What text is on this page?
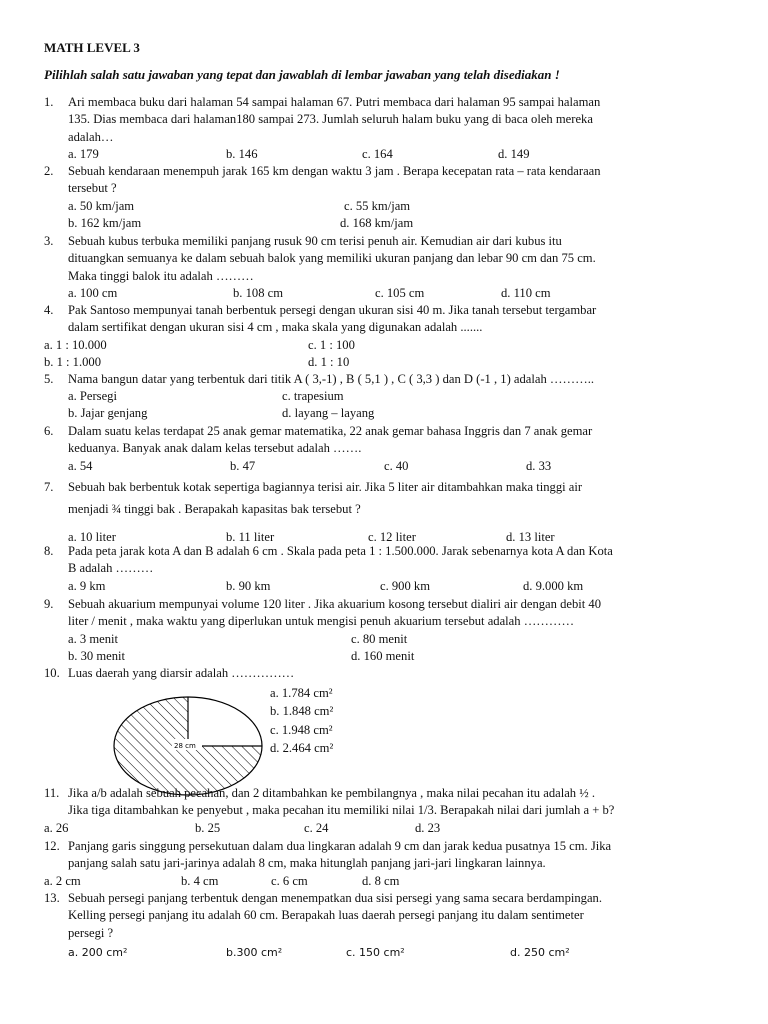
MATH LEVEL 3
Pilihlah salah satu jawaban yang tepat dan jawablah di lembar jawaban yang telah disediakan !
1. Ari membaca buku dari halaman 54 sampai halaman 67. Putri membaca dari halaman 95 sampai halaman
135. Dias membaca dari halaman180 sampai 273. Jumlah seluruh halam buku yang di baca oleh mereka
adalah…
a. 179	b. 146	c. 164	d. 149
2. Sebuah kendaraan menempuh jarak 165 km dengan waktu 3 jam . Berapa kecepatan rata – rata kendaraan
tersebut ?
a. 50 km/jam	c. 55 km/jam
b. 162 km/jam	d. 168 km/jam
3. Sebuah kubus terbuka memiliki panjang rusuk 90 cm terisi penuh air. Kemudian air dari kubus itu
dituangkan semuanya ke dalam sebuah balok yang memiliki ukuran panjang dan lebar 90 cm dan 75 cm.
Maka tinggi balok itu adalah ………
a. 100 cm	b. 108 cm	c. 105 cm	d. 110 cm
4. Pak Santoso mempunyai tanah berbentuk persegi dengan ukuran sisi 40 m. Jika tanah tersebut tergambar
dalam sertifikat dengan ukuran sisi 4 cm , maka skala yang digunakan adalah .......
a. 1 : 10.000	c. 1 : 100
b. 1 : 1.000	d. 1 : 10
5. Nama bangun datar yang terbentuk dari titik A ( 3,-1) , B ( 5,1 ) , C ( 3,3 ) dan D (-1 , 1) adalah ………..
a. Persegi	c. trapesium
b. Jajar genjang	d. layang – layang
6. Dalam suatu kelas terdapat 25 anak gemar matematika, 22 anak gemar bahasa Inggris dan 7 anak gemar
keduanya. Banyak anak dalam kelas tersebut adalah …….
a. 54	b. 47	c. 40	d. 33
7. Sebuah bak berbentuk kotak sepertiga bagiannya terisi air. Jika 5 liter air ditambahkan maka tinggi air
menjadi ¾ tinggi bak . Berapakah kapasitas bak tersebut ?
a. 10 liter	b. 11 liter	c. 12 liter	d. 13 liter
8. Pada peta jarak kota A dan B adalah 6 cm . Skala pada peta 1 : 1.500.000. Jarak sebenarnya kota A dan Kota
B adalah ………
a. 9 km	b. 90 km	c. 900 km	d. 9.000 km
9. Sebuah akuarium mempunyai volume 120 liter . Jika akuarium kosong tersebut dialiri air dengan debit 40
liter / menit , maka waktu yang diperlukan untuk mengisi penuh akuarium tersebut adalah …………
a. 3 menit	c. 80 menit
b. 30 menit	d. 160 menit
10. Luas daerah yang diarsir adalah ……………
a. 1.784 cm²
b. 1.848 cm²
c. 1.948 cm²
d. 2.464 cm²
28 cm
11. Jika a/b adalah sebuah pecahan, dan 2 ditambahkan ke pembilangnya , maka nilai pecahan itu adalah ½ .
Jika tiga ditambahkan ke penyebut , maka pecahan itu memiliki nilai 1/3. Berapakah nilai dari jumlah a + b?
a. 26	b. 25	c. 24	d. 23
12. Panjang garis singgung persekutuan dalam dua lingkaran adalah 9 cm dan jarak kedua pusatnya 15 cm. Jika
panjang salah satu jari-jarinya adalah 8 cm, maka hitunglah panjang jari-jari lingkaran lainnya.
a. 2 cm	b. 4 cm	c. 6 cm	d. 8 cm
13. Sebuah persegi panjang terbentuk dengan menempatkan dua sisi persegi yang sama secara berdampingan.
Kelling persegi panjang itu adalah 60 cm. Berapakah luas daerah persegi panjang itu dalam sentimeter
persegi ?
a. 200 cm²	b.300 cm²	c. 150 cm²	d. 250 cm²
